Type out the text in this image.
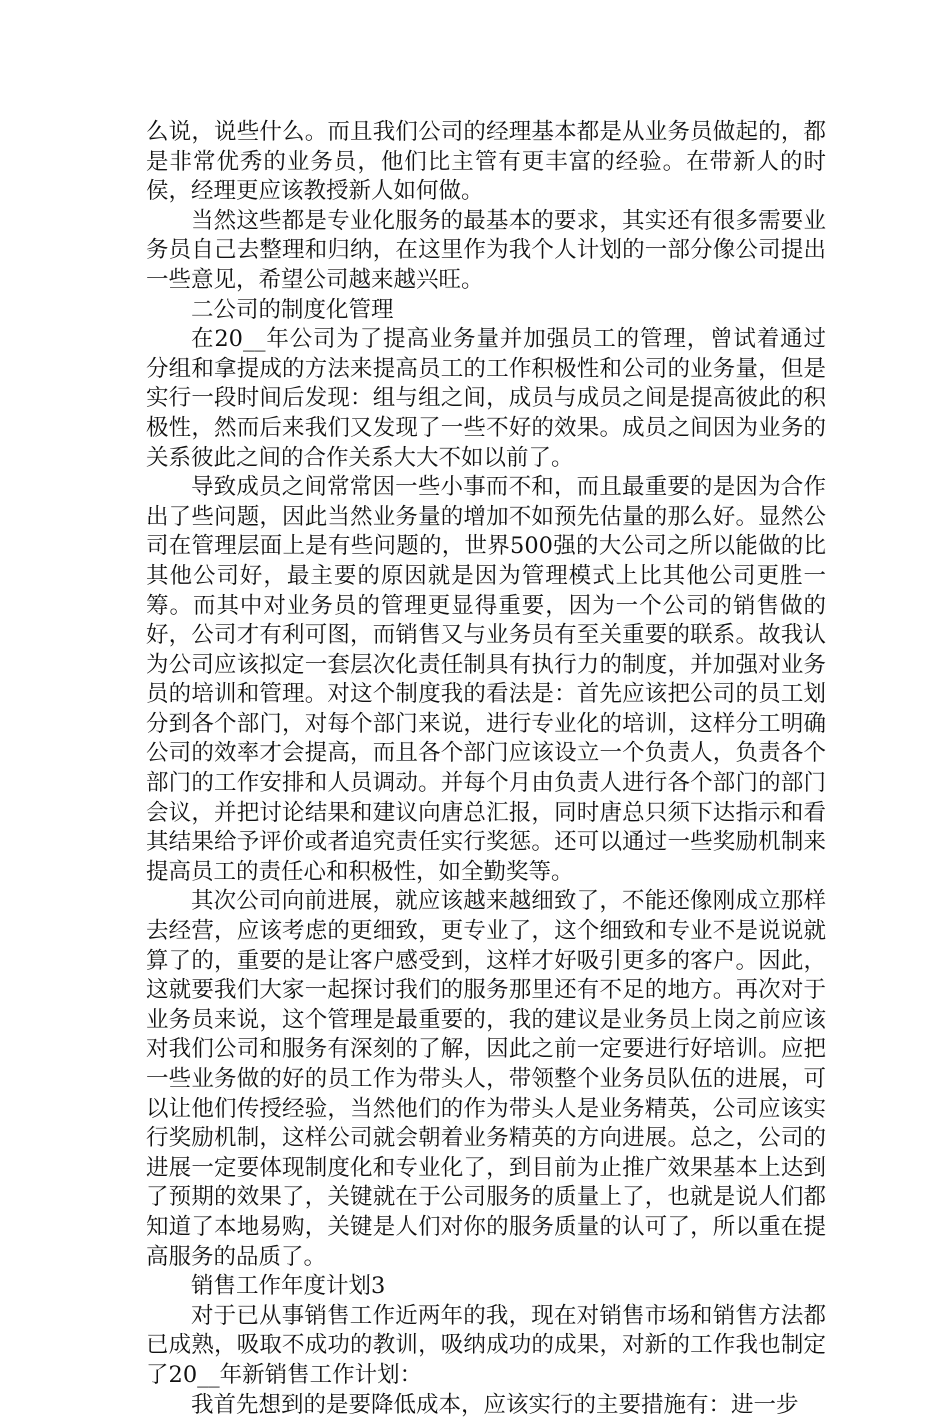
么说，说些什么。而且我们公司的经理基本都是从业务员做起的，都是非常优秀的业务员，他们比主管有更丰富的经验。在带新人的时侯，经理更应该教授新人如何做。

当然这些都是专业化服务的最基本的要求，其实还有很多需要业务员自己去整理和归纳，在这里作为我个人计划的一部分像公司提出一些意见，希望公司越来越兴旺。

二公司的制度化管理

在20__年公司为了提高业务量并加强员工的管理，曾试着通过分组和拿提成的方法来提高员工的工作积极性和公司的业务量，但是实行一段时间后发现：组与组之间，成员与成员之间是提高彼此的积极性，然而后来我们又发现了一些不好的效果。成员之间因为业务的关系彼此之间的合作关系大大不如以前了。

导致成员之间常常因一些小事而不和，而且最重要的是因为合作出了些问题，因此当然业务量的增加不如预先估量的那么好。显然公司在管理层面上是有些问题的，世界500强的大公司之所以能做的比其他公司好，最主要的原因就是因为管理模式上比其他公司更胜一筹。而其中对业务员的管理更显得重要，因为一个公司的销售做的好，公司才有利可图，而销售又与业务员有至关重要的联系。故我认为公司应该拟定一套层次化责任制具有执行力的制度，并加强对业务员的培训和管理。对这个制度我的看法是：首先应该把公司的员工划分到各个部门，对每个部门来说，进行专业化的培训，这样分工明确公司的效率才会提高，而且各个部门应该设立一个负责人，负责各个部门的工作安排和人员调动。并每个月由负责人进行各个部门的部门会议，并把讨论结果和建议向唐总汇报，同时唐总只须下达指示和看其结果给予评价或者追究责任实行奖惩。还可以通过一些奖励机制来提高员工的责任心和积极性，如全勤奖等。

其次公司向前进展，就应该越来越细致了，不能还像刚成立那样去经营，应该考虑的更细致，更专业了，这个细致和专业不是说说就算了的，重要的是让客户感受到，这样才好吸引更多的客户。因此，这就要我们大家一起探讨我们的服务那里还有不足的地方。再次对于业务员来说，这个管理是最重要的，我的建议是业务员上岗之前应该对我们公司和服务有深刻的了解，因此之前一定要进行好培训。应把一些业务做的好的员工作为带头人，带领整个业务员队伍的进展，可以让他们传授经验，当然他们的作为带头人是业务精英，公司应该实行奖励机制，这样公司就会朝着业务精英的方向进展。总之，公司的进展一定要体现制度化和专业化了，到目前为止推广效果基本上达到了预期的效果了，关键就在于公司服务的质量上了，也就是说人们都知道了本地易购，关键是人们对你的服务质量的认可了，所以重在提高服务的品质了。

销售工作年度计划3

对于已从事销售工作近两年的我，现在对销售市场和销售方法都已成熟，吸取不成功的教训，吸纳成功的成果，对新的工作我也制定了20__年新销售工作计划：

我首先想到的是要降低成本，应该实行的主要措施有：进一步
